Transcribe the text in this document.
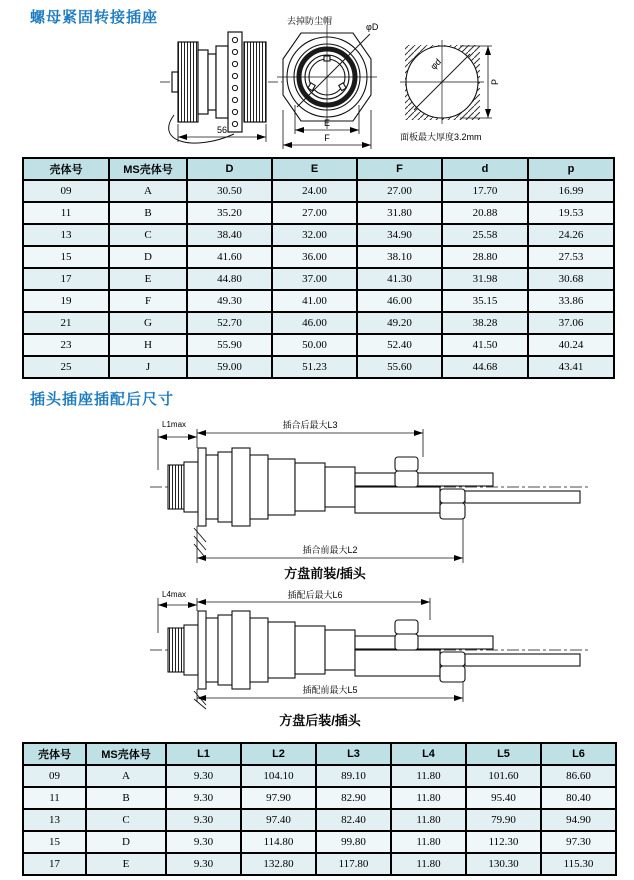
螺母紧固转接插座
56
去掉防尘帽
φD
E
F
φd
P
面板最大厚度3.2mm
壳体号	MS壳体号	D	E	F	d	p
09	A	30.50	24.00	27.00	17.70	16.99
11	B	35.20	27.00	31.80	20.88	19.53
13	C	38.40	32.00	34.90	25.58	24.26
15	D	41.60	36.00	38.10	28.80	27.53
17	E	44.80	37.00	41.30	31.98	30.68
19	F	49.30	41.00	46.00	35.15	33.86
21	G	52.70	46.00	49.20	38.28	37.06
23	H	55.90	50.00	52.40	41.50	40.24
25	J	59.00	51.23	55.60	44.68	43.41
插头插座插配后尺寸
L1max	插合后最大L3
插合前最大L2
方盘前装/插头
L4max	插配后最大L6
插配前最大L5
方盘后装/插头
壳体号	MS壳体号	L1	L2	L3	L4	L5	L6
09	A	9.30	104.10	89.10	11.80	101.60	86.60
11	B	9.30	97.90	82.90	11.80	95.40	80.40
13	C	9.30	97.40	82.40	11.80	79.90	94.90
15	D	9.30	114.80	99.80	11.80	112.30	97.30
17	E	9.30	132.80	117.80	11.80	130.30	115.30
